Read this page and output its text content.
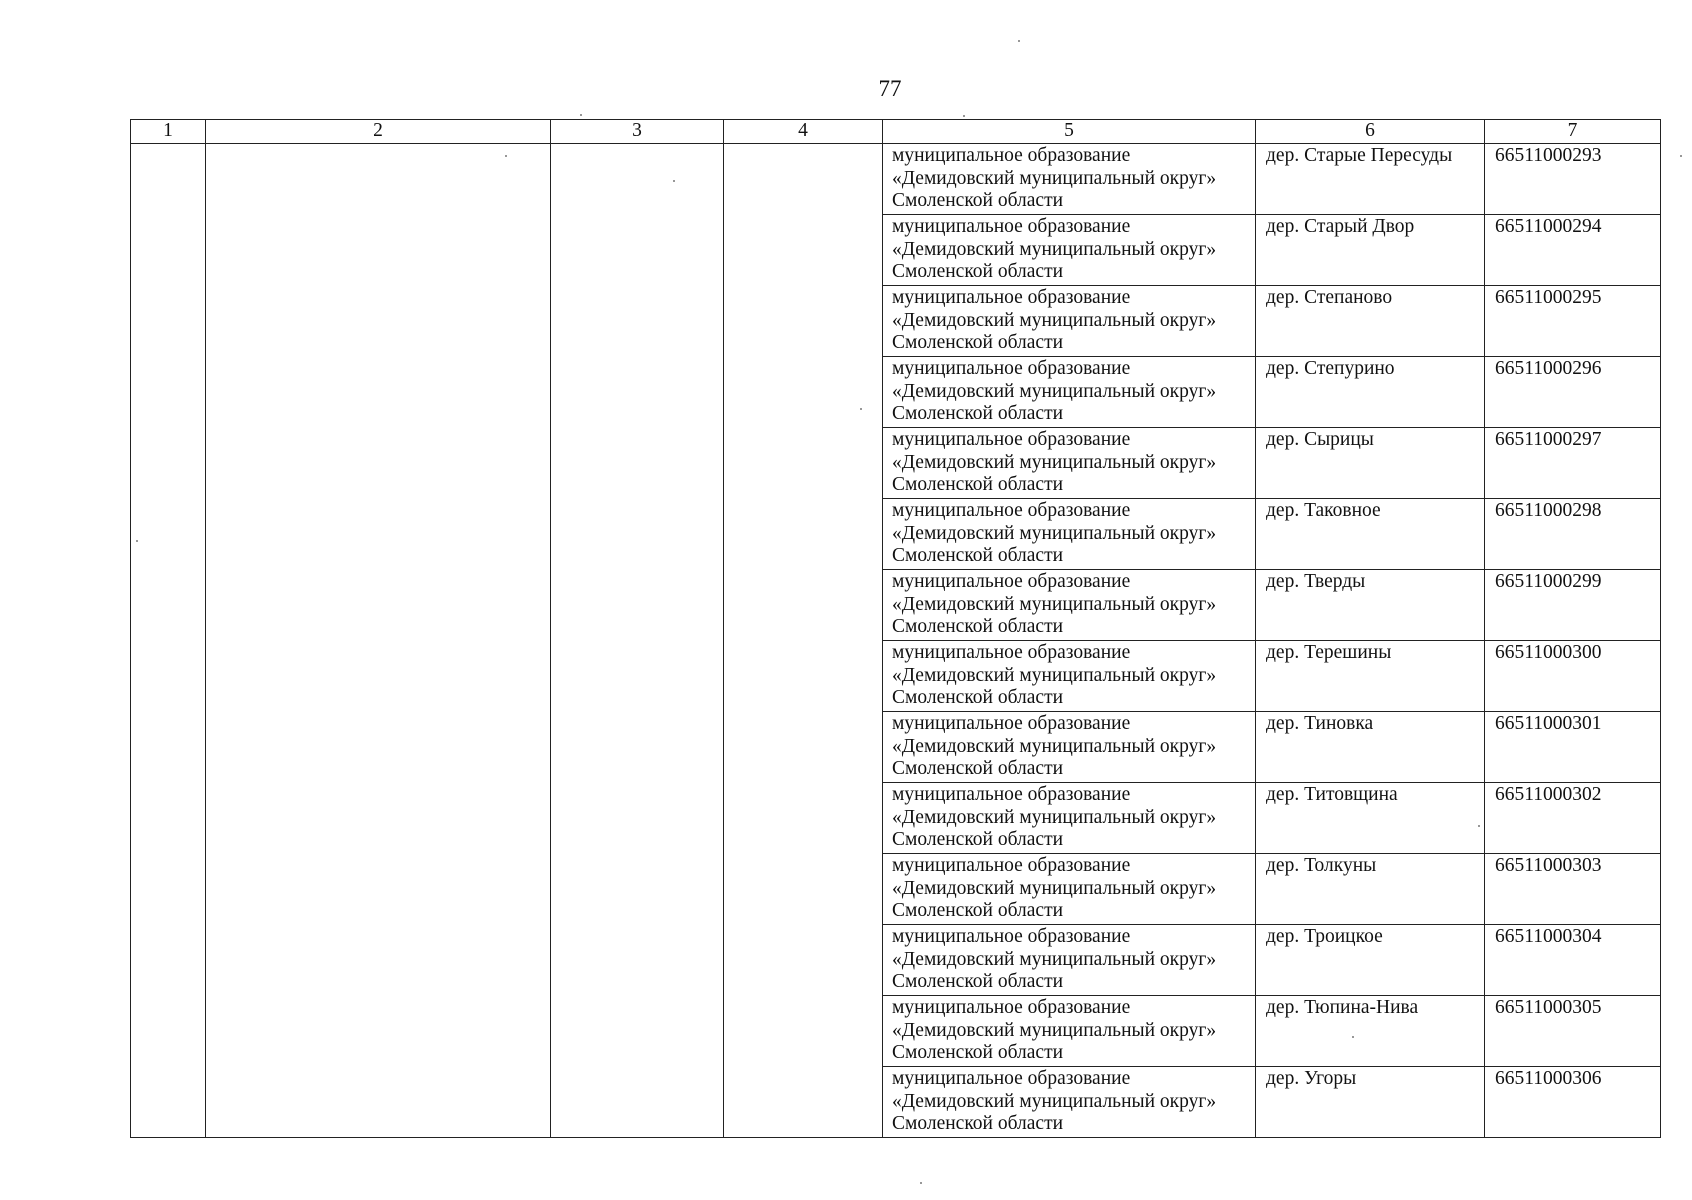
77
1	2	3	4	5	6	7

				муниципальное образование
«Демидовский муниципальный округ»
Смоленской области	дер. Старые Пересуды	66511000293

				муниципальное образование
«Демидовский муниципальный округ»
Смоленской области	дер. Старый Двор	66511000294

				муниципальное образование
«Демидовский муниципальный округ»
Смоленской области	дер. Степаново	66511000295

				муниципальное образование
«Демидовский муниципальный округ»
Смоленской области	дер. Степурино	66511000296

				муниципальное образование
«Демидовский муниципальный округ»
Смоленской области	дер. Сырицы	66511000297

				муниципальное образование
«Демидовский муниципальный округ»
Смоленской области	дер. Таковное	66511000298

				муниципальное образование
«Демидовский муниципальный округ»
Смоленской области	дер. Тверды	66511000299

				муниципальное образование
«Демидовский муниципальный округ»
Смоленской области	дер. Терешины	66511000300

				муниципальное образование
«Демидовский муниципальный округ»
Смоленской области	дер. Тиновка	66511000301

				муниципальное образование
«Демидовский муниципальный округ»
Смоленской области	дер. Титовщина	66511000302

				муниципальное образование
«Демидовский муниципальный округ»
Смоленской области	дер. Толкуны	66511000303

				муниципальное образование
«Демидовский муниципальный округ»
Смоленской области	дер. Троицкое	66511000304

				муниципальное образование
«Демидовский муниципальный округ»
Смоленской области	дер. Тюпина-Нива	66511000305

				муниципальное образование
«Демидовский муниципальный округ»
Смоленской области	дер. Угоры	66511000306
